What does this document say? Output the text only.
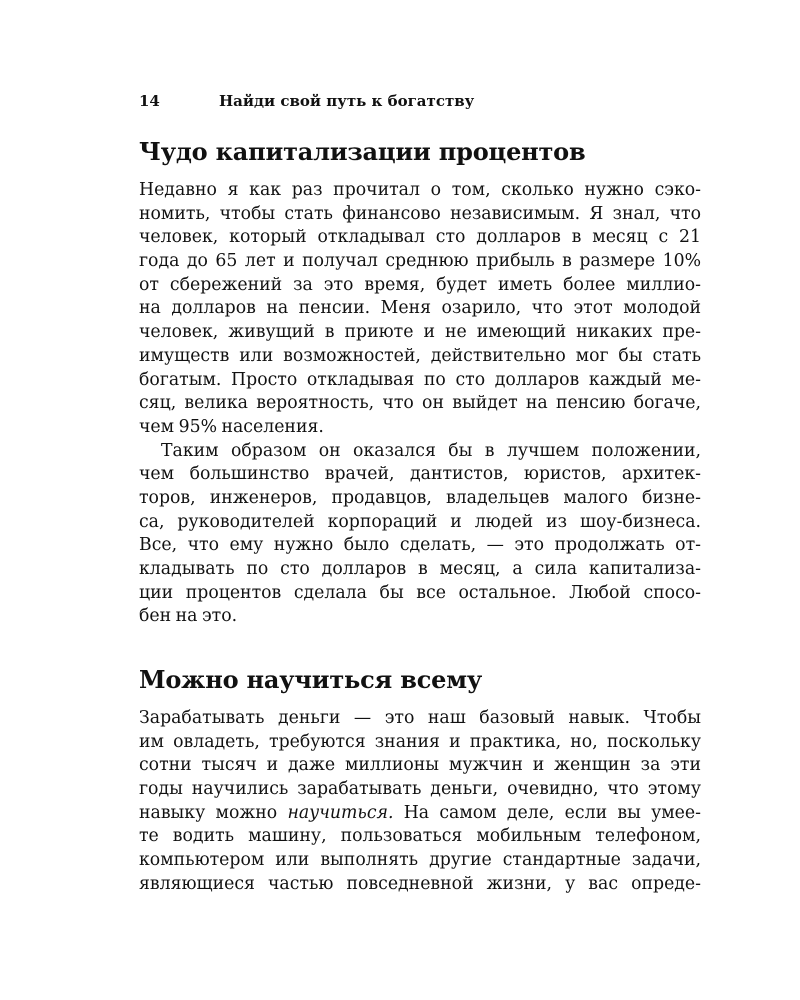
14	Найди свой путь к богатству
Чудо капитализации процентов
Недавно я как раз прочитал о том, сколько нужно сэко-
номить, чтобы стать финансово независимым. Я знал, что
человек, который откладывал сто долларов в месяц с 21
года до 65 лет и получал среднюю прибыль в размере 10%
от сбережений за это время, будет иметь более миллио-
на долларов на пенсии. Меня озарило, что этот молодой
человек, живущий в приюте и не имеющий никаких пре-
имуществ или возможностей, действительно мог бы стать
богатым. Просто откладывая по сто долларов каждый ме-
сяц, велика вероятность, что он выйдет на пенсию богаче,
чем 95% населения.
Таким образом он оказался бы в лучшем положении,
чем большинство врачей, дантистов, юристов, архитек-
торов, инженеров, продавцов, владельцев малого бизне-
са, руководителей корпораций и людей из шоу-бизнеса.
Все, что ему нужно было сделать, — это продолжать от-
кладывать по сто долларов в месяц, а сила капитализа-
ции процентов сделала бы все остальное. Любой спосо-
бен на это.
Можно научиться всему
Зарабатывать деньги — это наш базовый навык. Чтобы
им овладеть, требуются знания и практика, но, поскольку
сотни тысяч и даже миллионы мужчин и женщин за эти
годы научились зарабатывать деньги, очевидно, что этому
навыку можно научиться. На самом деле, если вы умее-
те водить машину, пользоваться мобильным телефоном,
компьютером или выполнять другие стандартные задачи,
являющиеся частью повседневной жизни, у вас опреде-
